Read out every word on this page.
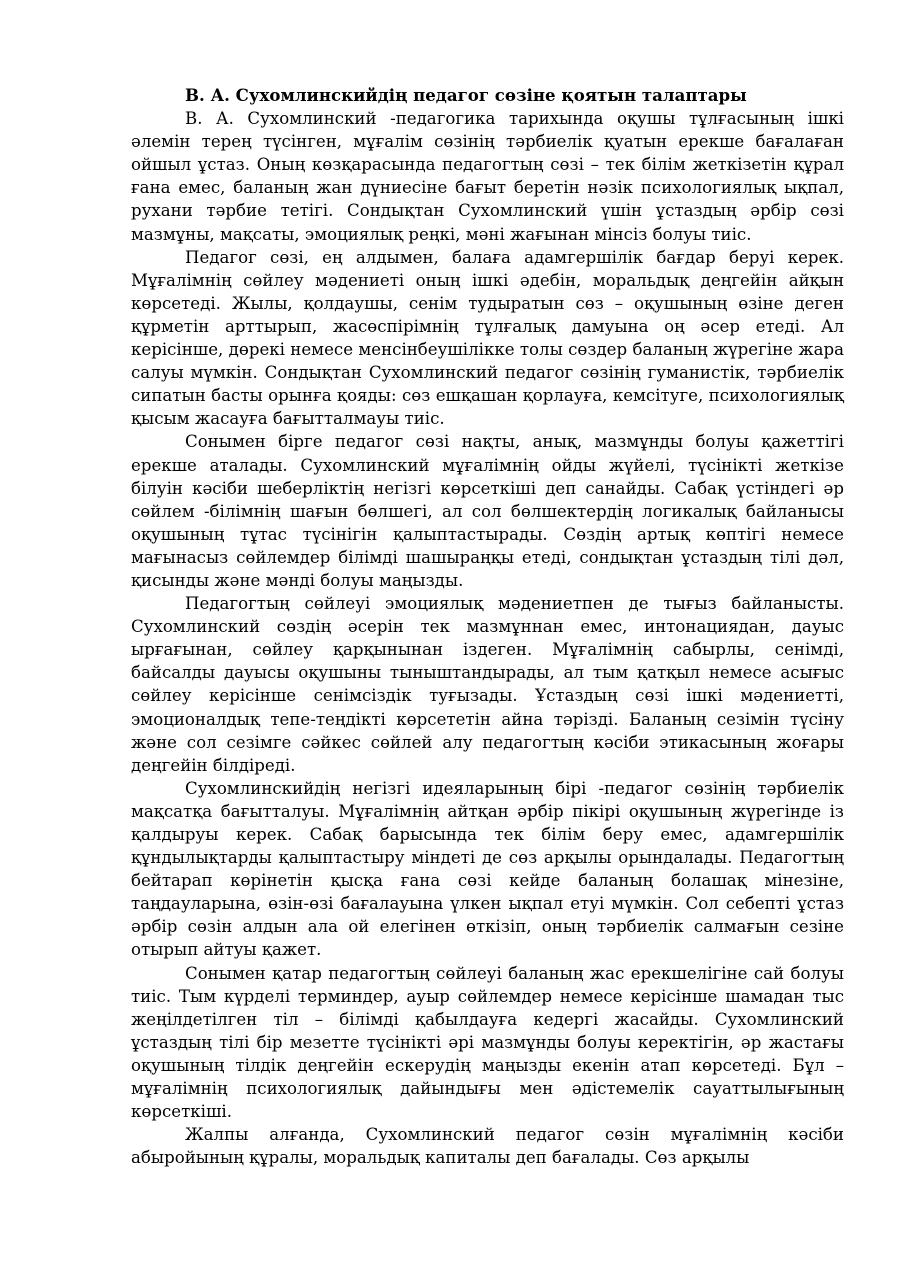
В. А. Сухомлинскийдің педагог сөзіне қоятын талаптары

В. А. Сухомлинский -педагогика тарихында оқушы тұлғасының ішкі әлемін терең түсінген, мұғалім сөзінің тәрбиелік қуатын ерекше бағалаған ойшыл ұстаз. Оның көзқарасында педагогтың сөзі – тек білім жеткізетін құрал ғана емес, баланың жан дүниесіне бағыт беретін нәзік психологиялық ықпал, рухани тәрбие тетігі. Сондықтан Сухомлинский үшін ұстаздың әрбір сөзі мазмұны, мақсаты, эмоциялық реңкі, мәні жағынан мінсіз болуы тиіс.

Педагог сөзі, ең алдымен, балаға адамгершілік бағдар беруі керек. Мұғалімнің сөйлеу мәдениеті оның ішкі әдебін, моральдық деңгейін айқын көрсетеді. Жылы, қолдаушы, сенім тудыратын сөз – оқушының өзіне деген құрметін арттырып, жасөспірімнің тұлғалық дамуына оң әсер етеді. Ал керісінше, дөрекі немесе менсінбеушілікке толы сөздер баланың жүрегіне жара салуы мүмкін. Сондықтан Сухомлинский педагог сөзінің гуманистік, тәрбиелік сипатын басты орынға қояды: сөз ешқашан қорлауға, кемсітуге, психологиялық қысым жасауға бағытталмауы тиіс.

Сонымен бірге педагог сөзі нақты, анық, мазмұнды болуы қажеттігі ерекше аталады. Сухомлинский мұғалімнің ойды жүйелі, түсінікті жеткізе білуін кәсіби шеберліктің негізгі көрсеткіші деп санайды. Сабақ үстіндегі әр сөйлем -білімнің шағын бөлшегі, ал сол бөлшектердің логикалық байланысы оқушының тұтас түсінігін қалыптастырады. Сөздің артық көптігі немесе мағынасыз сөйлемдер білімді шашыраңқы етеді, сондықтан ұстаздың тілі дәл, қисынды және мәнді болуы маңызды.

Педагогтың сөйлеуі эмоциялық мәдениетпен де тығыз байланысты. Сухомлинский сөздің әсерін тек мазмұннан емес, интонациядан, дауыс ырғағынан, сөйлеу қарқынынан іздеген. Мұғалімнің сабырлы, сенімді, байсалды дауысы оқушыны тыныштандырады, ал тым қатқыл немесе асығыс сөйлеу керісінше сенімсіздік туғызады. Ұстаздың сөзі ішкі мәдениетті, эмоционалдық тепе-теңдікті көрсететін айна тәрізді. Баланың сезімін түсіну және сол сезімге сәйкес сөйлей алу педагогтың кәсіби этикасының жоғары деңгейін білдіреді.

Сухомлинскийдің негізгі идеяларының бірі -педагог сөзінің тәрбиелік мақсатқа бағытталуы. Мұғалімнің айтқан әрбір пікірі оқушының жүрегінде із қалдыруы керек. Сабақ барысында тек білім беру емес, адамгершілік құндылықтарды қалыптастыру міндеті де сөз арқылы орындалады. Педагогтың бейтарап көрінетін қысқа ғана сөзі кейде баланың болашақ мінезіне, таңдауларына, өзін-өзі бағалауына үлкен ықпал етуі мүмкін. Сол себепті ұстаз әрбір сөзін алдын ала ой елегінен өткізіп, оның тәрбиелік салмағын сезіне отырып айтуы қажет.

Сонымен қатар педагогтың сөйлеуі баланың жас ерекшелігіне сай болуы тиіс. Тым күрделі терминдер, ауыр сөйлемдер немесе керісінше шамадан тыс жеңілдетілген тіл – білімді қабылдауға кедергі жасайды. Сухомлинский ұстаздың тілі бір мезетте түсінікті әрі мазмұнды болуы керектігін, әр жастағы оқушының тілдік деңгейін ескерудің маңызды екенін атап көрсетеді. Бұл – мұғалімнің психологиялық дайындығы мен әдістемелік сауаттылығының көрсеткіші.

Жалпы алғанда, Сухомлинский педагог сөзін мұғалімнің кәсіби абыройының құралы, моральдық капиталы деп бағалады. Сөз арқылы
